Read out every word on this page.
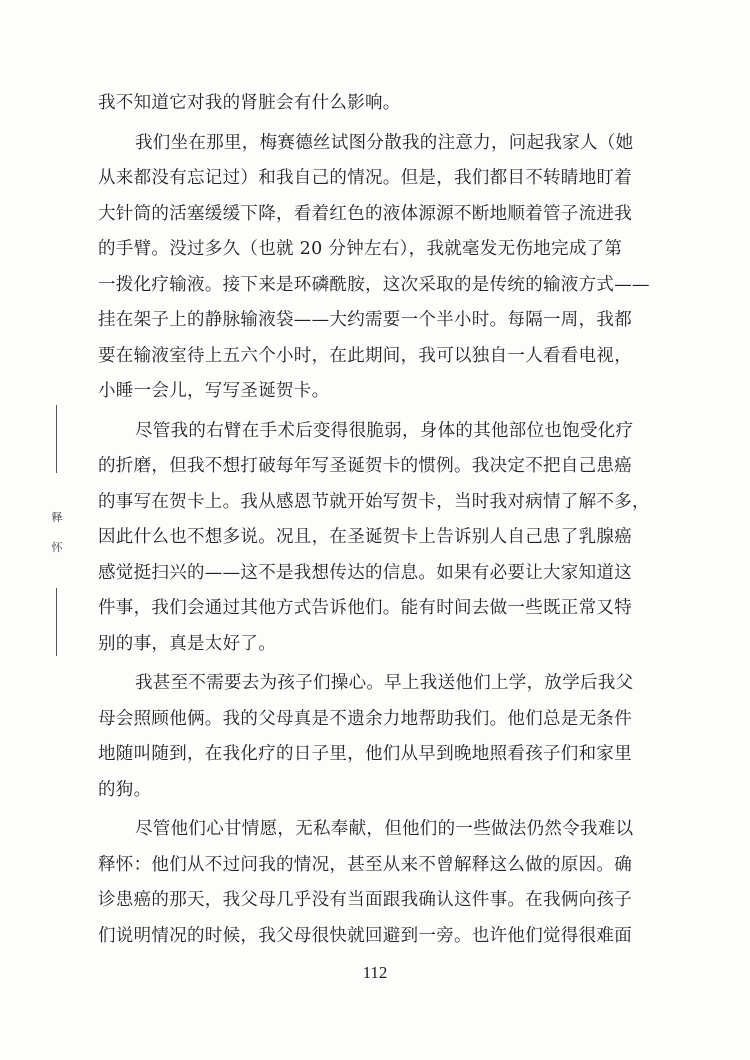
释
怀
我不知道它对我的肾脏会有什么影响。
我们坐在那里，梅赛德丝试图分散我的注意力，问起我家人（她
从来都没有忘记过）和我自己的情况。但是，我们都目不转睛地盯着
大针筒的活塞缓缓下降，看着红色的液体源源不断地顺着管子流进我
的手臂。没过多久（也就 20 分钟左右），我就毫发无伤地完成了第
一拨化疗输液。接下来是环磷酰胺，这次采取的是传统的输液方式——
挂在架子上的静脉输液袋——大约需要一个半小时。每隔一周，我都
要在输液室待上五六个小时，在此期间，我可以独自一人看看电视，
小睡一会儿，写写圣诞贺卡。
尽管我的右臂在手术后变得很脆弱，身体的其他部位也饱受化疗
的折磨，但我不想打破每年写圣诞贺卡的惯例。我决定不把自己患癌
的事写在贺卡上。我从感恩节就开始写贺卡，当时我对病情了解不多，
因此什么也不想多说。况且，在圣诞贺卡上告诉别人自己患了乳腺癌
感觉挺扫兴的——这不是我想传达的信息。如果有必要让大家知道这
件事，我们会通过其他方式告诉他们。能有时间去做一些既正常又特
别的事，真是太好了。
我甚至不需要去为孩子们操心。早上我送他们上学，放学后我父
母会照顾他俩。我的父母真是不遗余力地帮助我们。他们总是无条件
地随叫随到，在我化疗的日子里，他们从早到晚地照看孩子们和家里
的狗。
尽管他们心甘情愿，无私奉献，但他们的一些做法仍然令我难以
释怀：他们从不过问我的情况，甚至从来不曾解释这么做的原因。确
诊患癌的那天，我父母几乎没有当面跟我确认这件事。在我俩向孩子
们说明情况的时候，我父母很快就回避到一旁。也许他们觉得很难面
112
